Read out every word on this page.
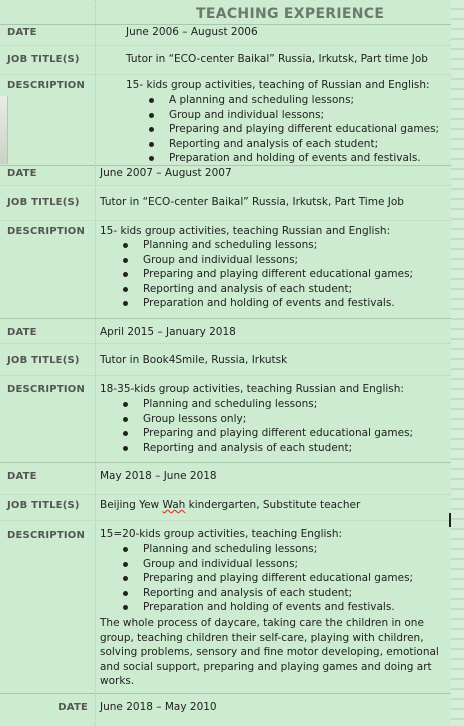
TEACHING EXPERIENCE
DATE	June 2006 – August 2006
JOB TITLE(S)	Tutor in “ECO-center Baikal” Russia, Irkutsk, Part time Job
DESCRIPTION	15- kids group activities, teaching of Russian and English:
A planning and scheduling lessons;
Group and individual lessons;
Preparing and playing different educational games;
Reporting and analysis of each student;
Preparation and holding of events and festivals.
DATE	June 2007 – August 2007
JOB TITLE(S) Tutor in “ECO-center Baikal” Russia, Irkutsk, Part Time Job
DESCRIPTION 15- kids group activities, teaching Russian and English:
Planning and scheduling lessons;
Group and individual lessons;
Preparing and playing different educational games;
Reporting and analysis of each student;
Preparation and holding of events and festivals.
DATE	April 2015 – January 2018
JOB TITLE(S) Tutor in Book4Smile, Russia, Irkutsk
DESCRIPTION 18-35-kids group activities, teaching Russian and English:
Planning and scheduling lessons;
Group lessons only;
Preparing and playing different educational games;
Reporting and analysis of each student;
DATE	May 2018 – June 2018
JOB TITLE(S) Beijing Yew Wah kindergarten, Substitute teacher
DESCRIPTION 15=20-kids group activities, teaching English:
Planning and scheduling lessons;
Group and individual lessons;
Preparing and playing different educational games;
Reporting and analysis of each student;
Preparation and holding of events and festivals.
The whole process of daycare, taking care the children in one group, teaching children their self-care, playing with children, solving problems, sensory and fine motor developing, emotional and social support, preparing and playing games and doing art works.
DATE June 2018 – May 2010
